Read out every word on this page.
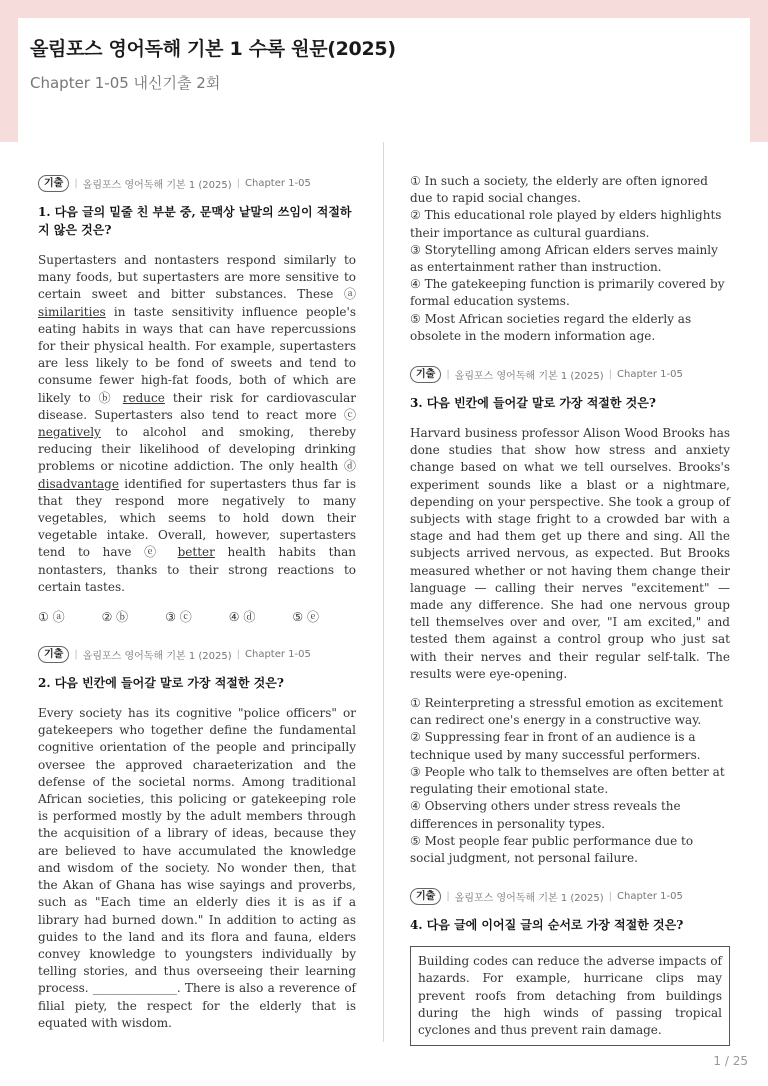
올림포스 영어독해 기본 1 수록 원문(2025)
Chapter 1-05 내신기출 2회
기출	| 올림포스 영어독해 기본 1 (2025) | Chapter 1-05
1. 다음 글의 밑줄 친 부분 중, 문맥상 낱말의 쓰임이 적절하지 않은 것은?
Supertasters and nontasters respond similarly to many foods, but supertasters are more sensitive to certain sweet and bitter substances. These ⓐ similarities in taste sensitivity influence people's eating habits in ways that can have repercussions for their physical health. For example, supertasters are less likely to be fond of sweets and tend to consume fewer high-fat foods, both of which are likely to ⓑ reduce their risk for cardiovascular disease. Supertasters also tend to react more ⓒ negatively to alcohol and smoking, thereby reducing their likelihood of developing drinking problems or nicotine addiction. The only health ⓓ disadvantage identified for supertasters thus far is that they respond more negatively to many vegetables, which seems to hold down their vegetable intake. Overall, however, supertasters tend to have ⓔ better health habits than nontasters, thanks to their strong reactions to certain tastes.
① ⓐ	② ⓑ	③ ⓒ	④ ⓓ	⑤ ⓔ
기출	| 올림포스 영어독해 기본 1 (2025) | Chapter 1-05
2. 다음 빈칸에 들어갈 말로 가장 적절한 것은?
Every society has its cognitive "police officers" or gatekeepers who together define the fundamental cognitive orientation of the people and principally oversee the approved charaeterization and the defense of the societal norms. Among traditional African societies, this policing or gatekeeping role is performed mostly by the adult members through the acquisition of a library of ideas, because they are believed to have accumulated the knowledge and wisdom of the society. No wonder then, that the Akan of Ghana has wise sayings and proverbs, such as "Each time an elderly dies it is as if a library had burned down." In addition to acting as guides to the land and its flora and fauna, elders convey knowledge to youngsters individually by telling stories, and thus overseeing their learning process. ______________. There is also a reverence of filial piety, the respect for the elderly that is equated with wisdom.
① In such a society, the elderly are often ignored due to rapid social changes.
② This educational role played by elders highlights their importance as cultural guardians.
③ Storytelling among African elders serves mainly as entertainment rather than instruction.
④ The gatekeeping function is primarily covered by formal education systems.
⑤ Most African societies regard the elderly as obsolete in the modern information age.
기출	| 올림포스 영어독해 기본 1 (2025) | Chapter 1-05
3. 다음 빈칸에 들어갈 말로 가장 적절한 것은?
Harvard business professor Alison Wood Brooks has done studies that show how stress and anxiety change based on what we tell ourselves. Brooks's experiment sounds like a blast or a nightmare, depending on your perspective. She took a group of subjects with stage fright to a crowded bar with a stage and had them get up there and sing. All the subjects arrived nervous, as expected. But Brooks measured whether or not having them change their language — calling their nerves "excitement" — made any difference. She had one nervous group tell themselves over and over, "I am excited," and tested them against a control group who just sat with their nerves and their regular self-talk. The results were eye-opening.
① Reinterpreting a stressful emotion as excitement can redirect one's energy in a constructive way.
② Suppressing fear in front of an audience is a technique used by many successful performers.
③ People who talk to themselves are often better at regulating their emotional state.
④ Observing others under stress reveals the differences in personality types.
⑤ Most people fear public performance due to social judgment, not personal failure.
기출	| 올림포스 영어독해 기본 1 (2025) | Chapter 1-05
4. 다음 글에 이어질 글의 순서로 가장 적절한 것은?
Building codes can reduce the adverse impacts of hazards. For example, hurricane clips may prevent roofs from detaching from buildings during the high winds of passing tropical cyclones and thus prevent rain damage.
1 / 25
